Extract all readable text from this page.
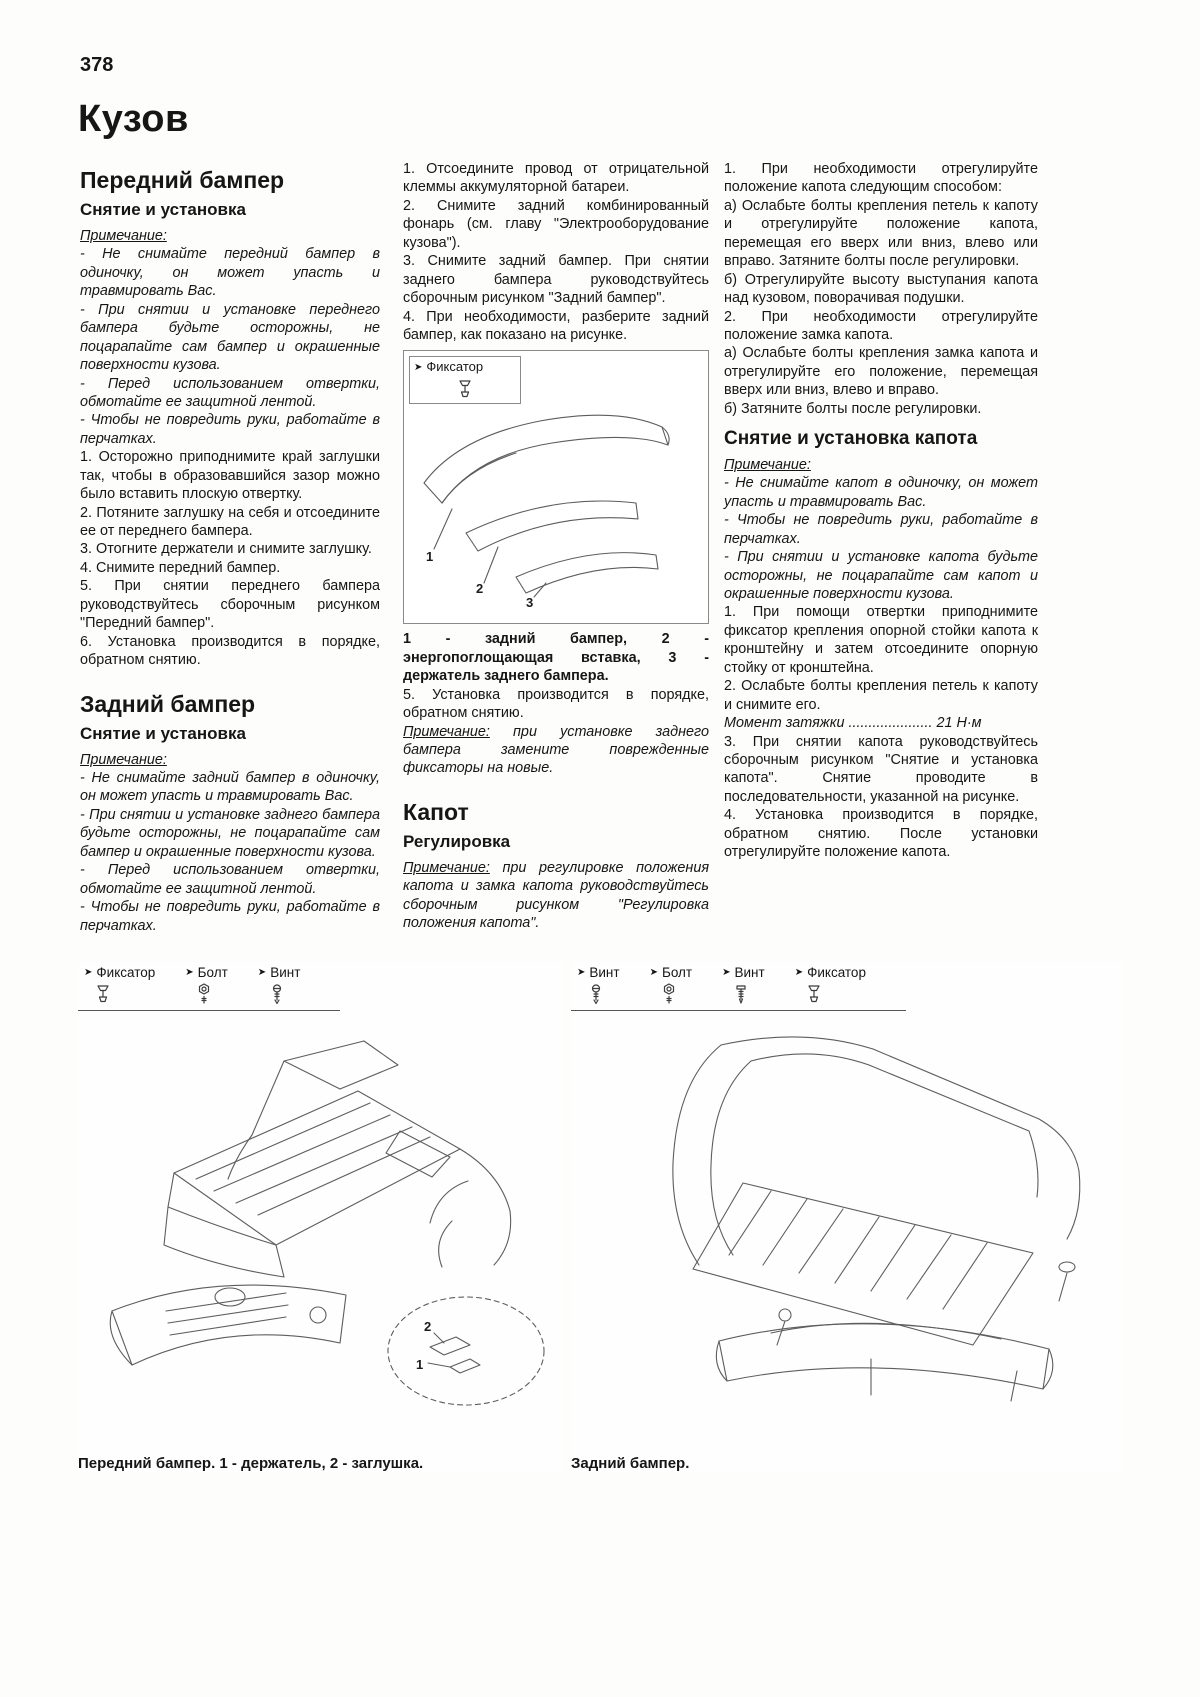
378
Кузов
Передний бампер
Снятие и установка

Примечание:

- Не снимайте передний бампер в одиночку, он может упасть и травмировать Вас.

- При снятии и установке переднего бампера будьте осторожны, не поцарапайте сам бампер и окрашенные поверхности кузова.

- Перед использованием отвертки, обмотайте ее защитной лентой.

- Чтобы не повредить руки, работайте в перчатках.

1. Осторожно приподнимите край заглушки так, чтобы в образовавшийся зазор можно было вставить плоскую отвертку.

2. Потяните заглушку на себя и отсоедините ее от переднего бампера.

3. Отогните держатели и снимите заглушку.

4. Снимите передний бампер.

5. При снятии переднего бампера руководствуйтесь сборочным рисунком "Передний бампер".

6. Установка производится в порядке, обратном снятию.

Задний бампер
Снятие и установка

Примечание:

- Не снимайте задний бампер в одиночку, он может упасть и травмировать Вас.

- При снятии и установке заднего бампера будьте осторожны, не поцарапайте сам бампер и окрашенные поверхности кузова.

- Перед использованием отвертки, обмотайте ее защитной лентой.

- Чтобы не повредить руки, работайте в перчатках.

1. Отсоедините провод от отрицательной клеммы аккумуляторной батареи.

2. Снимите задний комбинированный фонарь (см. главу "Электрооборудование кузова").

3. Снимите задний бампер. При снятии заднего бампера руководствуйтесь сборочным рисунком "Задний бампер".

4. При необходимости, разберите задний бампер, как показано на рисунке.

➤ Фиксатор
1
2
3

1 - задний бампер, 2 - энергопоглощающая вставка, 3 - держатель заднего бампера.

5. Установка производится в порядке, обратном снятию.

Примечание: при установке заднего бампера замените поврежденные фиксаторы на новые.

Капот
Регулировка

Примечание: при регулировке положения капота и замка капота руководствуйтесь сборочным рисунком "Регулировка положения капота".

1. При необходимости отрегулируйте положение капота следующим способом:

а) Ослабьте болты крепления петель к капоту и отрегулируйте положение капота, перемещая его вверх или вниз, влево или вправо. Затяните болты после регулировки.

б) Отрегулируйте высоту выступания капота над кузовом, поворачивая подушки.

2. При необходимости отрегулируйте положение замка капота.

а) Ослабьте болты крепления замка капота и отрегулируйте его положение, перемещая вверх или вниз, влево и вправо.

б) Затяните болты после регулировки.

Снятие и установка капота

Примечание:

- Не снимайте капот в одиночку, он может упасть и травмировать Вас.

- Чтобы не повредить руки, работайте в перчатках.

- При снятии и установке капота будьте осторожны, не поцарапайте сам капот и окрашенные поверхности кузова.

1. При помощи отвертки приподнимите фиксатор крепления опорной стойки капота к кронштейну и затем отсоедините опорную стойку от кронштейна.

2. Ослабьте болты крепления петель к капоту и снимите его.

Момент затяжки ..................... 21 Н·м

3. При снятии капота руководствуйтесь сборочным рисунком "Снятие и установка капота". Снятие проводите в последовательности, указанной на рисунке.

4. Установка производится в порядке, обратном снятию. После установки отрегулируйте положение капота.

➤ Фиксатор	➤ Болт	➤ Винт
2
1
Передний бампер. 1 - держатель, 2 - заглушка.
➤ Винт	➤ Болт	➤ Винт	➤ Фиксатор
Задний бампер.
